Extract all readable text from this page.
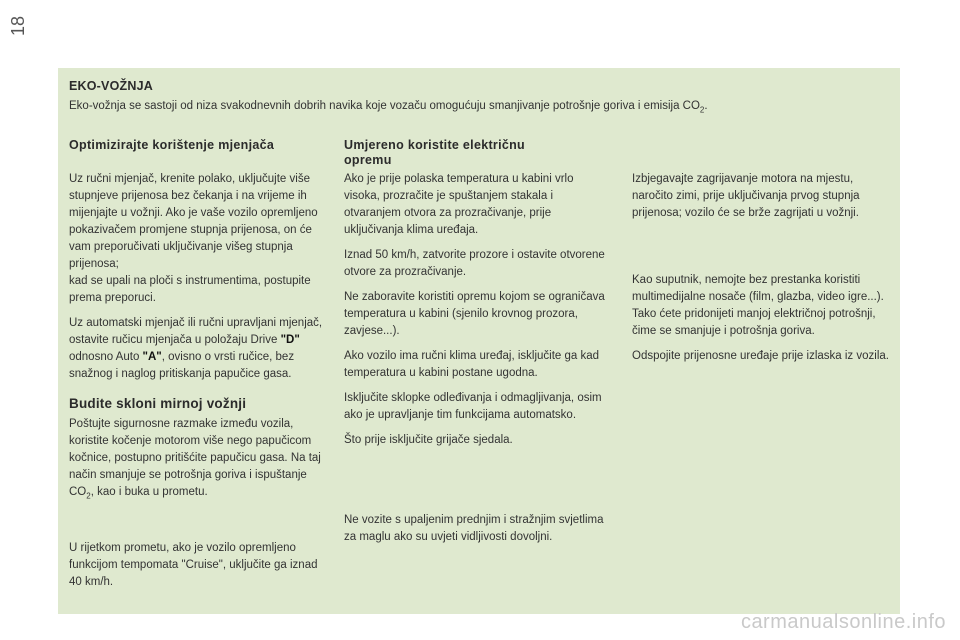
18
EKO-VOŽNJA
Eko-vožnja se sastoji od niza svakodnevnih dobrih navika koje vozaču omogućuju smanjivanje potrošnje goriva i emisija $CO_2$.
Optimizirajte korištenje mjenjača

Uz ručni mjenjač, krenite polako, uključujte više stupnjeve prijenosa bez čekanja i na vrijeme ih mijenjajte u vožnji. Ako je vaše vozilo opremljeno pokazivačem promjene stupnja prijenosa, on će vam preporučivati uključivanje višeg stupnja prijenosa;
kad se upali na ploči s instrumentima, postupite prema preporuci.

Uz automatski mjenjač ili ručni upravljani mjenjač, ostavite ručicu mjenjača u položaju Drive "D" odnosno Auto "A", ovisno o vrsti ručice, bez snažnog i naglog pritiskanja papučice gasa.

Budite skloni mirnoj vožnji

Poštujte sigurnosne razmake između vozila, koristite kočenje motorom više nego papučicom kočnice, postupno pritišćite papučicu gasa. Na taj način smanjuje se potrošnja goriva i ispuštanje $CO_2$, kao i buka u prometu.

U rijetkom prometu, ako je vozilo opremljeno funkcijom tempomata "Cruise", uključite ga iznad 40 km/h.

Umjereno koristite električnu opremu

Ako je prije polaska temperatura u kabini vrlo visoka, prozračite je spuštanjem stakala i otvaranjem otvora za prozračivanje, prije uključivanja klima uređaja.

Iznad 50 km/h, zatvorite prozore i ostavite otvorene otvore za prozračivanje.

Ne zaboravite koristiti opremu kojom se ograničava temperatura u kabini (sjenilo krovnog prozora, zavjese...).

Ako vozilo ima ručni klima uređaj, isključite ga kad temperatura u kabini postane ugodna.

Isključite sklopke odleđivanja i odmagljivanja, osim ako je upravljanje tim funkcijama automatsko.

Što prije isključite grijače sjedala.

Ne vozite s upaljenim prednjim i stražnjim svjetlima za maglu ako su uvjeti vidljivosti dovoljni.

Izbjegavajte zagrijavanje motora na mjestu, naročito zimi, prije uključivanja prvog stupnja prijenosa; vozilo će se brže zagrijati u vožnji.

Kao suputnik, nemojte bez prestanka koristiti multimedijalne nosače (film, glazba, video igre...). Tako ćete pridonijeti manjoj električnoj potrošnji, čime se smanjuje i potrošnja goriva.

Odspojite prijenosne uređaje prije izlaska iz vozila.

carmanualsonline.info
